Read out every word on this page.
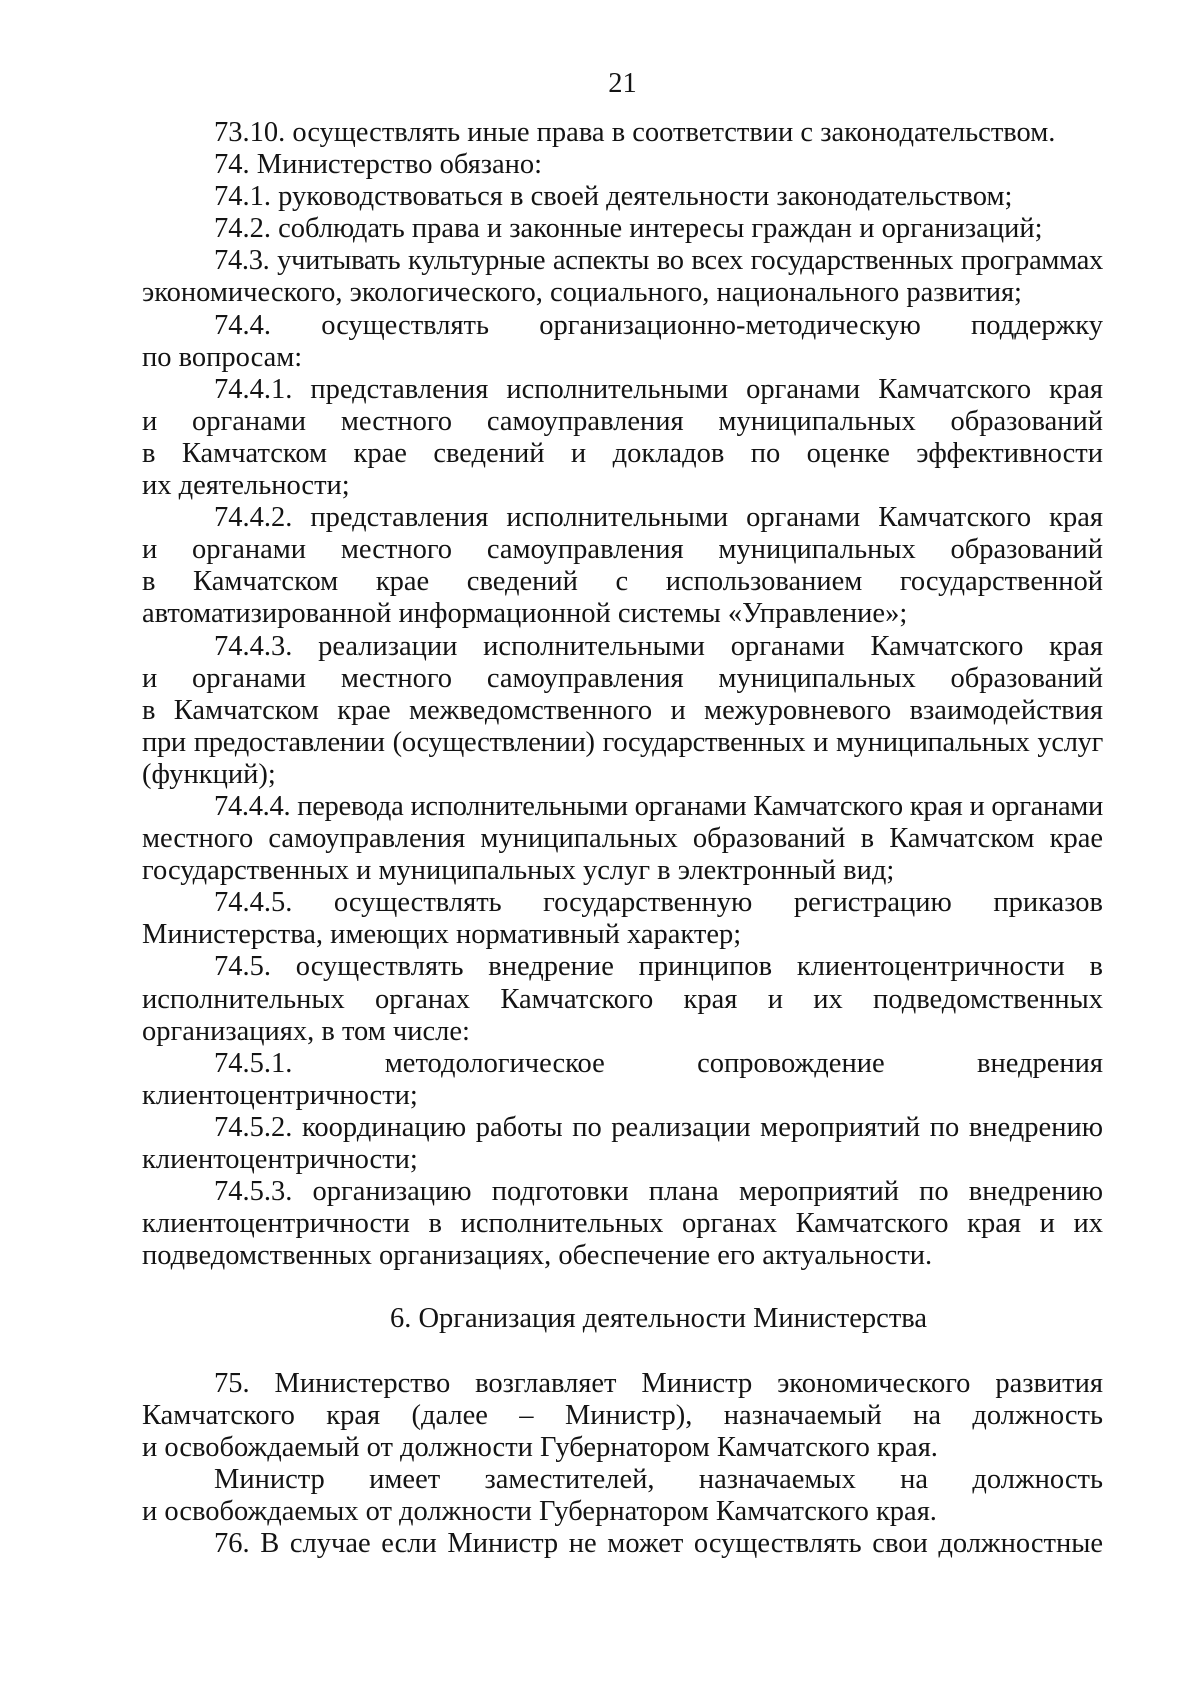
21
73.10. осуществлять иные права в соответствии с законодательством.
74. Министерство обязано:
74.1. руководствоваться в своей деятельности законодательством;
74.2. соблюдать права и законные интересы граждан и организаций;
74.3. учитывать культурные аспекты во всех государственных программах
экономического, экологического, социального, национального развития;
74.4. осуществлять организационно-методическую поддержку
по вопросам:
74.4.1. представления исполнительными органами Камчатского края
и органами местного самоуправления муниципальных образований
в Камчатском крае сведений и докладов по оценке эффективности
их деятельности;
74.4.2. представления исполнительными органами Камчатского края
и органами местного самоуправления муниципальных образований
в Камчатском крае сведений с использованием государственной
автоматизированной информационной системы «Управление»;
74.4.3. реализации исполнительными органами Камчатского края
и органами местного самоуправления муниципальных образований
в Камчатском крае межведомственного и межуровневого взаимодействия
при предоставлении (осуществлении) государственных и муниципальных услуг
(функций);
74.4.4. перевода исполнительными органами Камчатского края и органами
местного самоуправления муниципальных образований в Камчатском крае
государственных и муниципальных услуг в электронный вид;
74.4.5. осуществлять государственную регистрацию приказов
Министерства, имеющих нормативный характер;
74.5. осуществлять внедрение принципов клиентоцентричности в
исполнительных органах Камчатского края и их подведомственных
организациях, в том числе:
74.5.1. методологическое сопровождение внедрения
клиентоцентричности;
74.5.2. координацию работы по реализации мероприятий по внедрению
клиентоцентричности;
74.5.3. организацию подготовки плана мероприятий по внедрению
клиентоцентричности в исполнительных органах Камчатского края и их
подведомственных организациях, обеспечение его актуальности.
6. Организация деятельности Министерства
75. Министерство возглавляет Министр экономического развития
Камчатского края (далее – Министр), назначаемый на должность
и освобождаемый от должности Губернатором Камчатского края.
Министр имеет заместителей, назначаемых на должность
и освобождаемых от должности Губернатором Камчатского края.
76. В случае если Министр не может осуществлять свои должностные
